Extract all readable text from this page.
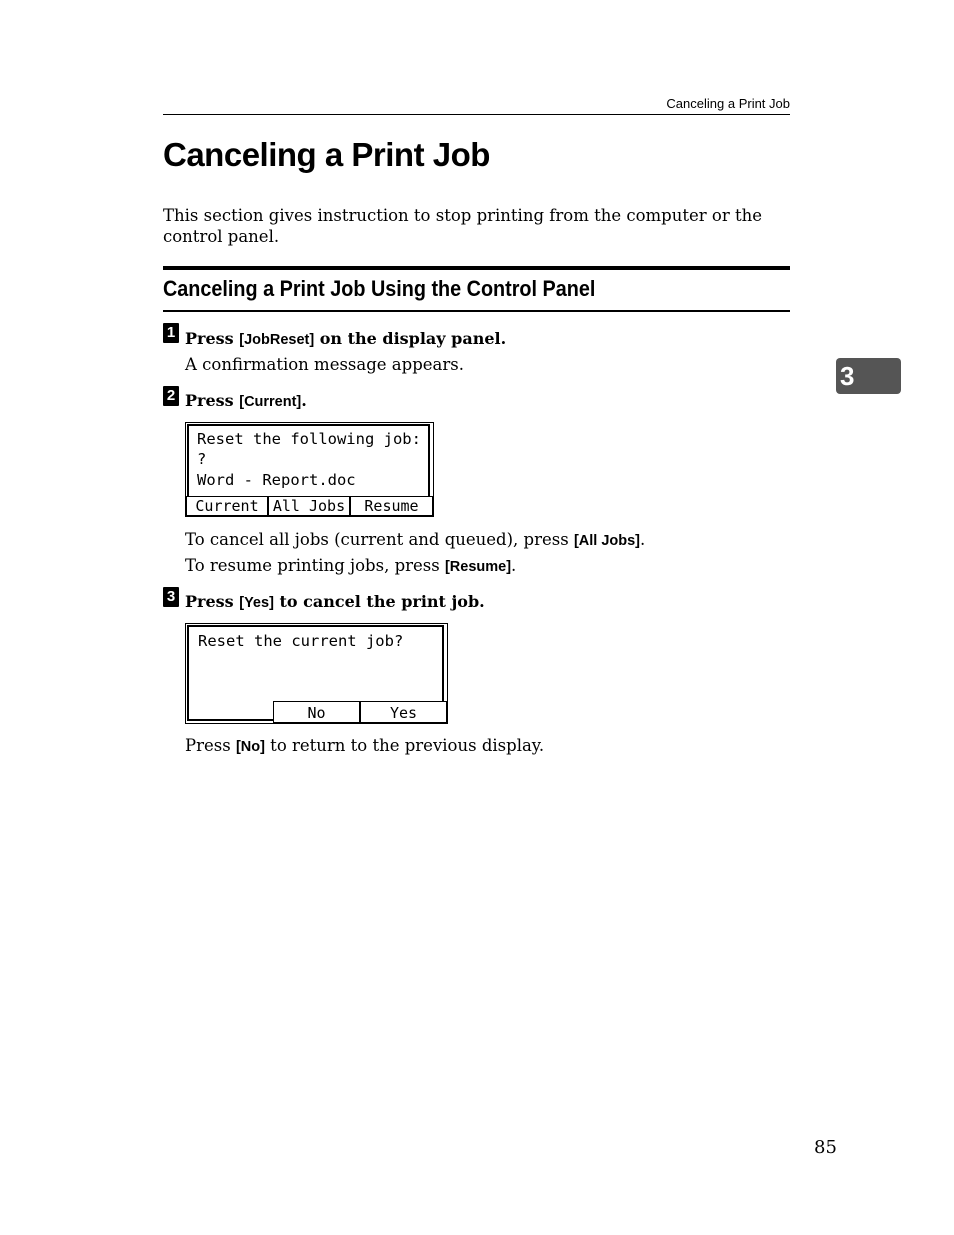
Canceling a Print Job
Canceling a Print Job
This section gives instruction to stop printing from the computer or the control panel.
Canceling a Print Job Using the Control Panel
1 Press [JobReset] on the display panel.
A confirmation message appears.
2 Press [Current].
Reset the following job:
?
Word - Report.doc
Current All Jobs	Resume
To cancel all jobs (current and queued), press [All Jobs].
To resume printing jobs, press [Resume].
3 Press [Yes] to cancel the print job.
Reset the current job?
No	Yes
Press [No] to return to the previous display.
3
85
